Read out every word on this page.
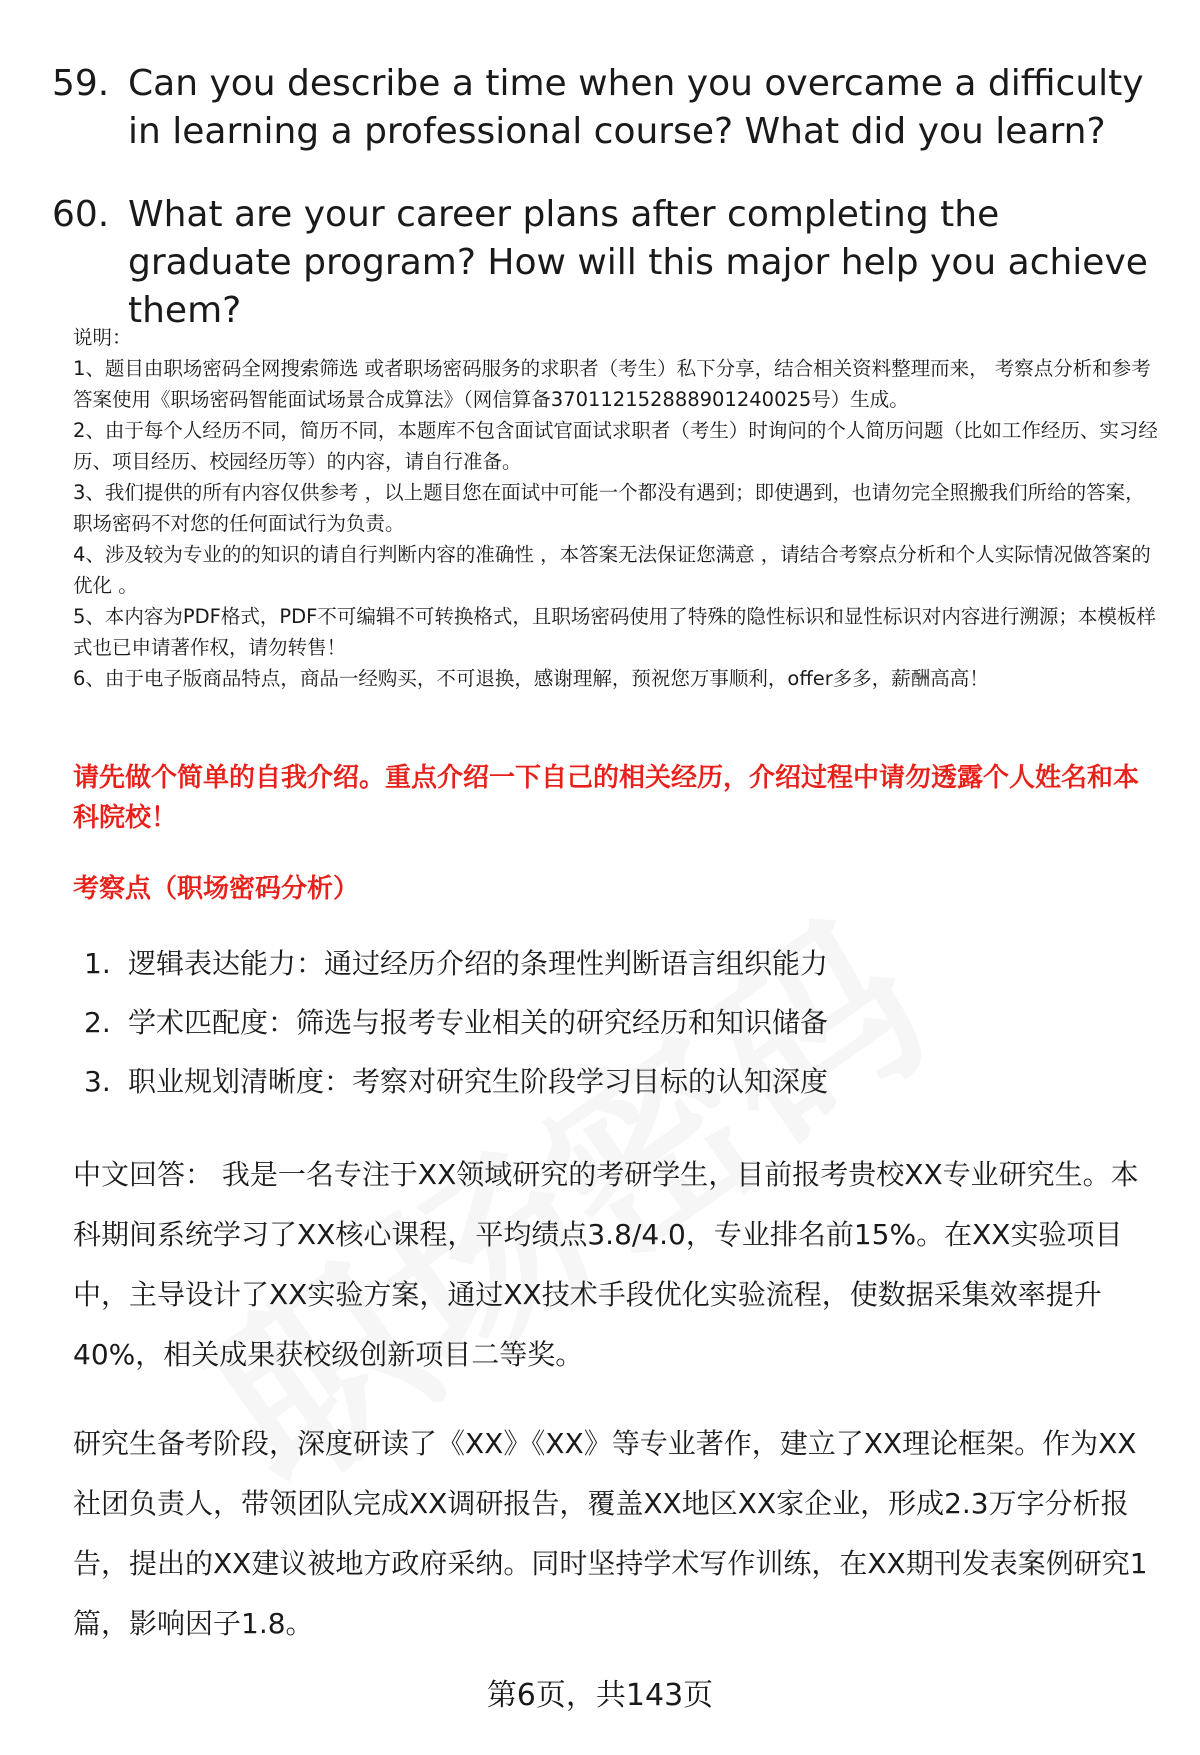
59. Can you describe a time when you overcame a difficulty in learning a professional course? What did you learn?
60. What are your career plans after completing the graduate program? How will this major help you achieve them?
说明：
1、题目由职场密码全网搜索筛选 或者职场密码服务的求职者（考生）私下分享，结合相关资料整理而来， 考察点分析和参考答案使用《职场密码智能面试场景合成算法》（网信算备370112152888901240025号）生成。
2、由于每个人经历不同，简历不同，本题库不包含面试官面试求职者（考生）时询问的个人简历问题（比如工作经历、实习经历、项目经历、校园经历等）的内容，请自行准备。
3、我们提供的所有内容仅供参考 ，以上题目您在面试中可能一个都没有遇到；即使遇到，也请勿完全照搬我们所给的答案，职场密码不对您的任何面试行为负责。
4、涉及较为专业的的知识的请自行判断内容的准确性 ，本答案无法保证您满意 ，请结合考察点分析和个人实际情况做答案的优化 。
5、本内容为PDF格式，PDF不可编辑不可转换格式，且职场密码使用了特殊的隐性标识和显性标识对内容进行溯源；本模板样式也已申请著作权，请勿转售！
6、由于电子版商品特点，商品一经购买，不可退换，感谢理解，预祝您万事顺利，offer多多，薪酬高高！
请先做个简单的自我介绍。重点介绍一下自己的相关经历，介绍过程中请勿透露个人姓名和本科院校！
考察点（职场密码分析）
1. 逻辑表达能力：通过经历介绍的条理性判断语言组织能力
2. 学术匹配度：筛选与报考专业相关的研究经历和知识储备
3. 职业规划清晰度：考察对研究生阶段学习目标的认知深度
中文回答： 我是一名专注于XX领域研究的考研学生，目前报考贵校XX专业研究生。本科期间系统学习了XX核心课程，平均绩点3.8/4.0，专业排名前15%。在XX实验项目中，主导设计了XX实验方案，通过XX技术手段优化实验流程，使数据采集效率提升40%，相关成果获校级创新项目二等奖。
研究生备考阶段，深度研读了《XX》《XX》等专业著作，建立了XX理论框架。作为XX社团负责人，带领团队完成XX调研报告，覆盖XX地区XX家企业，形成2.3万字分析报告，提出的XX建议被地方政府采纳。同时坚持学术写作训练，在XX期刊发表案例研究1篇，影响因子1.8。
第6页，共143页
